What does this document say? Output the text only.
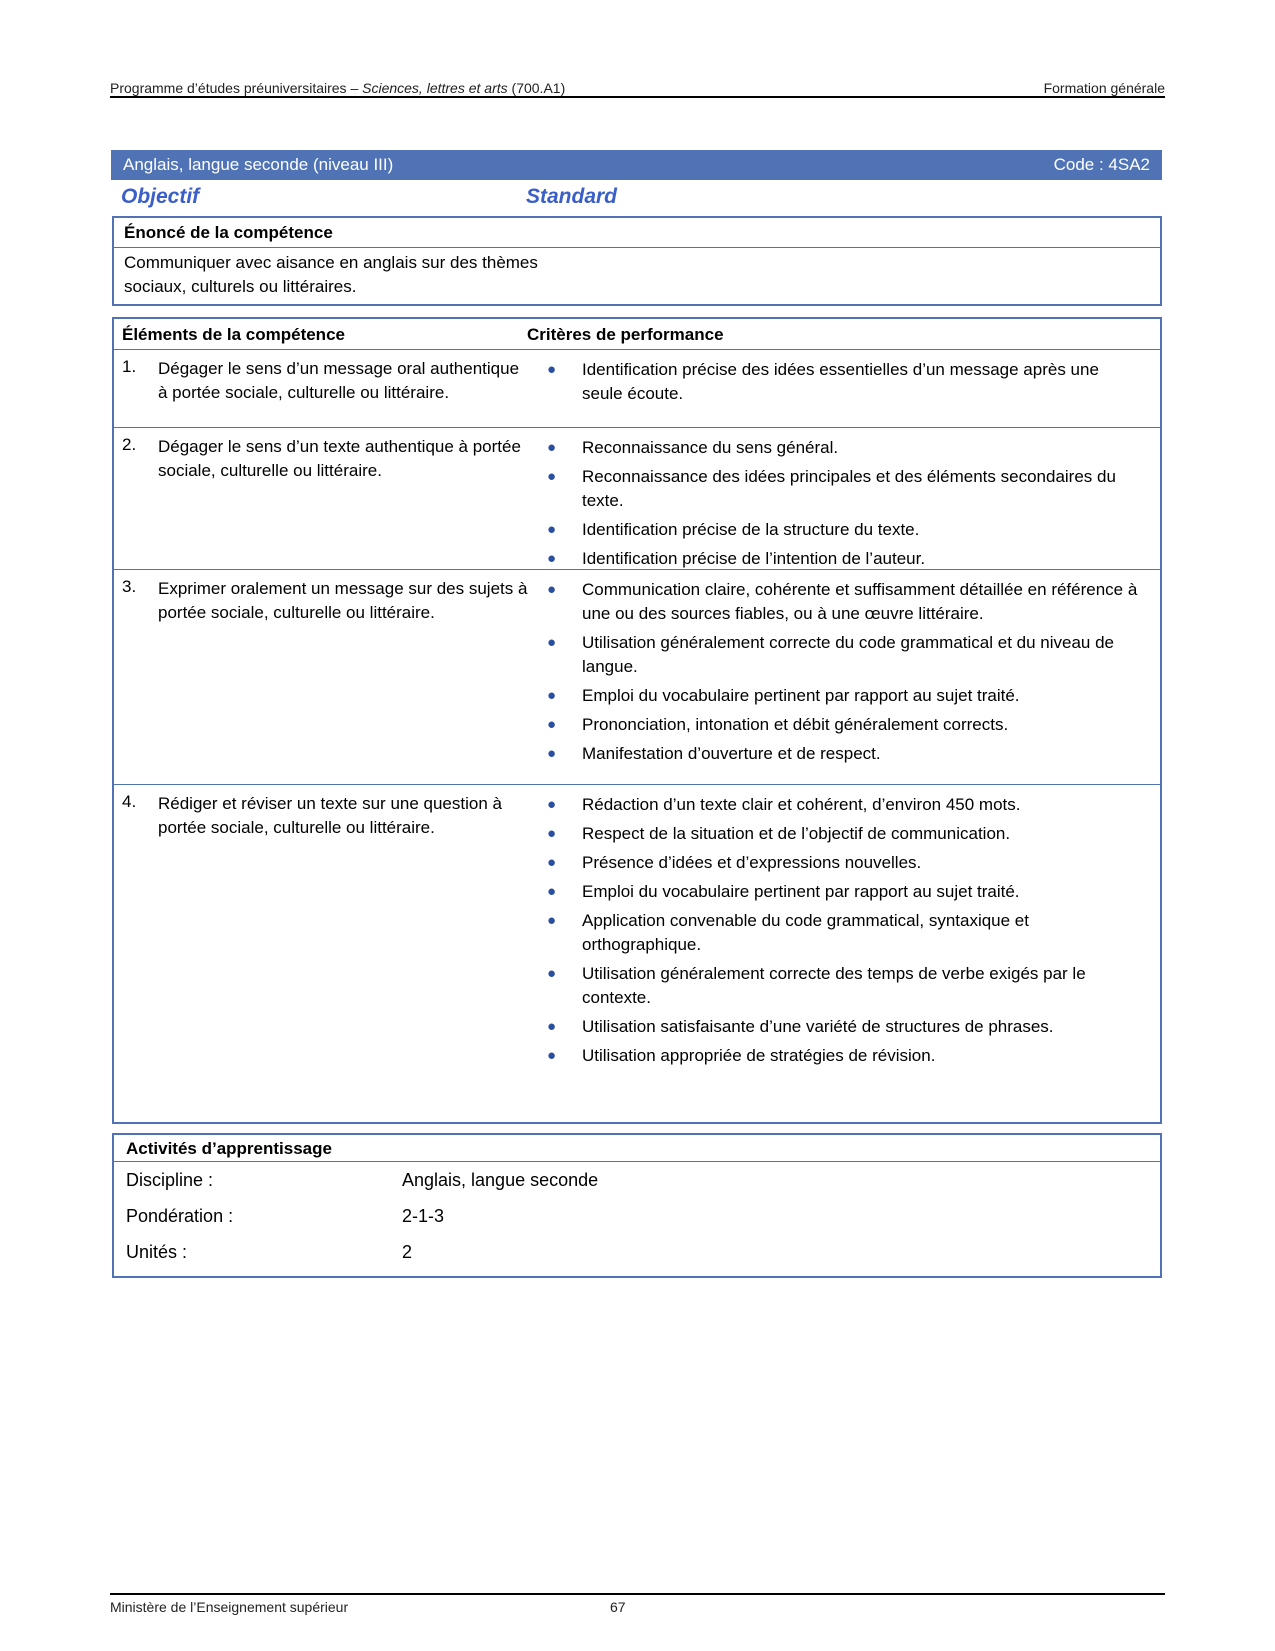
Programme d’études préuniversitaires – Sciences, lettres et arts (700.A1)	Formation générale
Anglais, langue seconde (niveau III)	Code : 4SA2
Objectif	Standard
Énoncé de la compétence
Communiquer avec aisance en anglais sur des thèmes sociaux, culturels ou littéraires.
Éléments de la compétence	Critères de performance
1. Dégager le sens d’un message oral authentique à portée sociale, culturelle ou littéraire.
● Identification précise des idées essentielles d’un message après une seule écoute.
2. Dégager le sens d’un texte authentique à portée sociale, culturelle ou littéraire.
● Reconnaissance du sens général.
● Reconnaissance des idées principales et des éléments secondaires du texte.
● Identification précise de la structure du texte.
● Identification précise de l’intention de l’auteur.
3. Exprimer oralement un message sur des sujets à portée sociale, culturelle ou littéraire.
● Communication claire, cohérente et suffisamment détaillée en référence à une ou des sources fiables, ou à une œuvre littéraire.
● Utilisation généralement correcte du code grammatical et du niveau de langue.
● Emploi du vocabulaire pertinent par rapport au sujet traité.
● Prononciation, intonation et débit généralement corrects.
● Manifestation d’ouverture et de respect.
4. Rédiger et réviser un texte sur une question à portée sociale, culturelle ou littéraire.
● Rédaction d’un texte clair et cohérent, d’environ 450 mots.
● Respect de la situation et de l’objectif de communication.
● Présence d’idées et d’expressions nouvelles.
● Emploi du vocabulaire pertinent par rapport au sujet traité.
● Application convenable du code grammatical, syntaxique et orthographique.
● Utilisation généralement correcte des temps de verbe exigés par le contexte.
● Utilisation satisfaisante d’une variété de structures de phrases.
● Utilisation appropriée de stratégies de révision.
Activités d’apprentissage
Discipline :	Anglais, langue seconde
Pondération :	2-1-3
Unités :	2
Ministère de l’Enseignement supérieur	67
